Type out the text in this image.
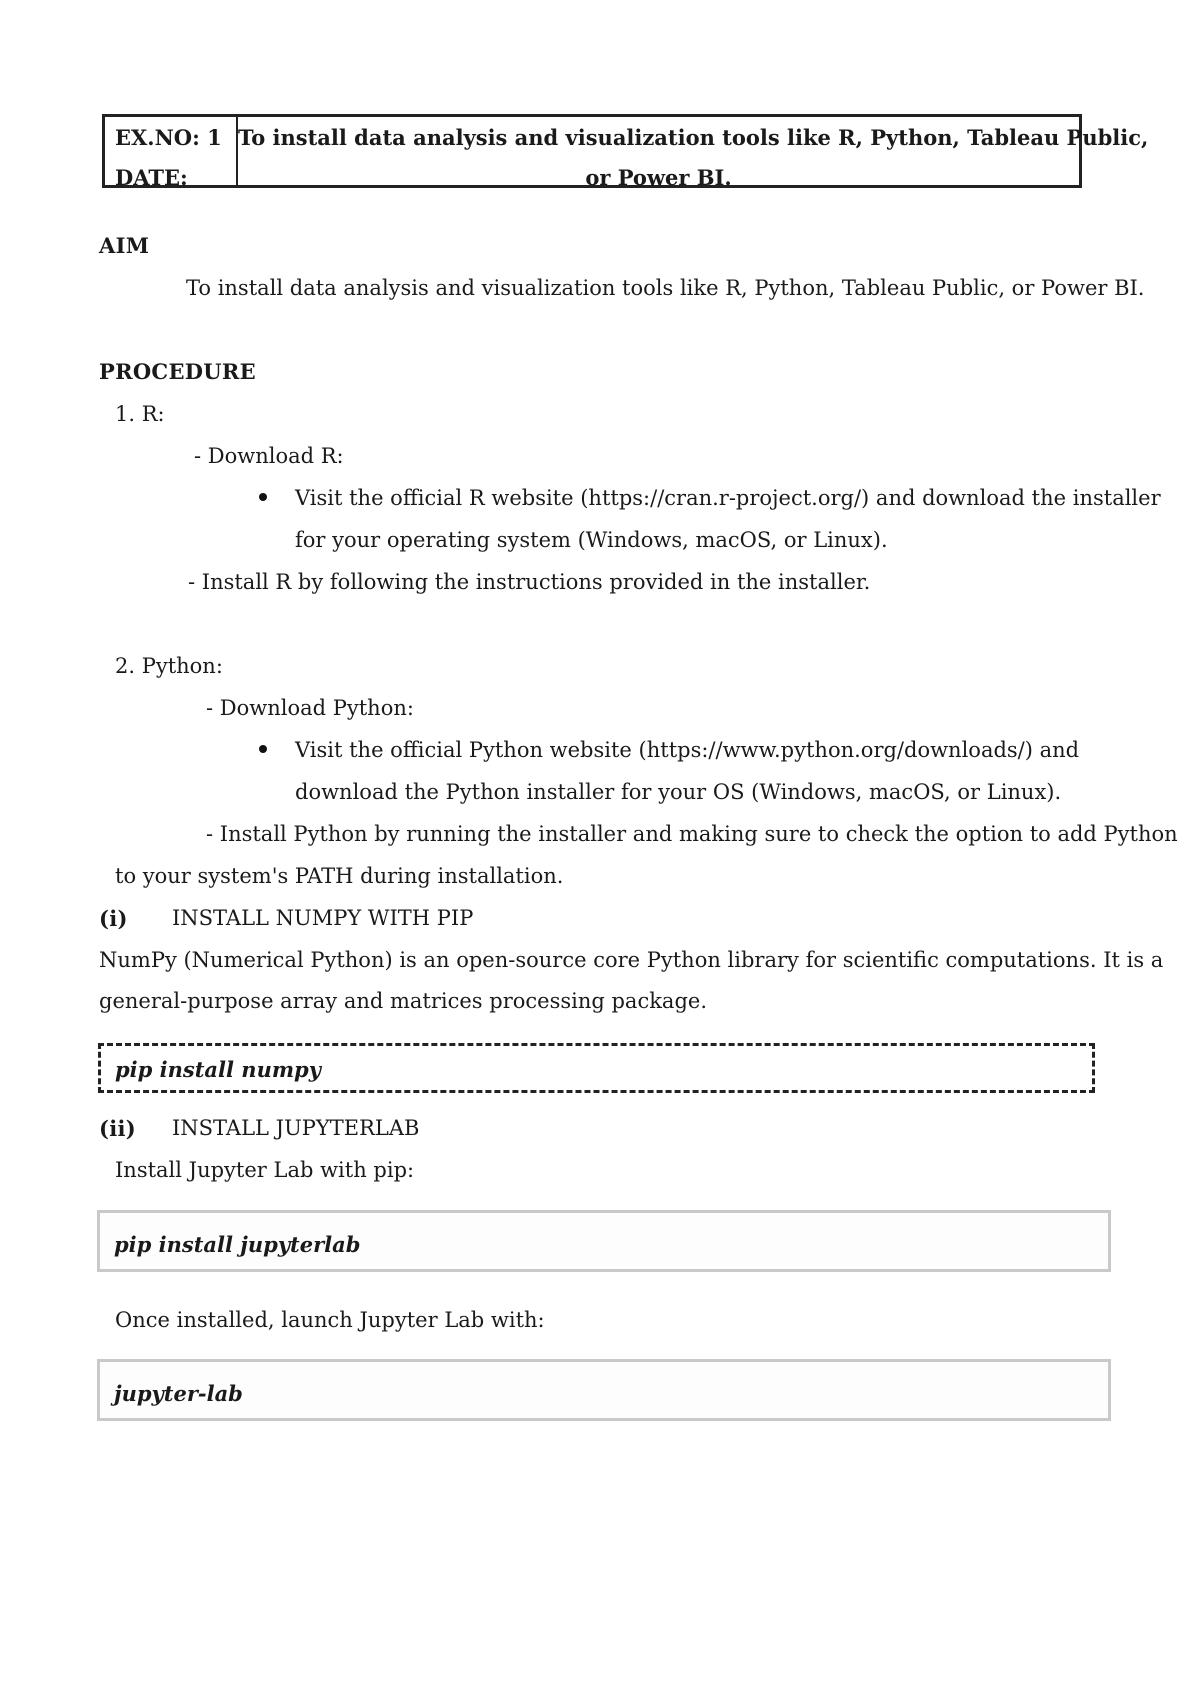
EX.NO: 1
DATE:
To install data analysis and visualization tools like R, Python, Tableau Public,
or Power BI.
AIM
To install data analysis and visualization tools like R, Python, Tableau Public, or Power BI.
PROCEDURE
1. R:
- Download R:
Visit the official R website (https://cran.r-project.org/) and download the installer
for your operating system (Windows, macOS, or Linux).
- Install R by following the instructions provided in the installer.
2. Python:
- Download Python:
Visit the official Python website (https://www.python.org/downloads/) and
download the Python installer for your OS (Windows, macOS, or Linux).
- Install Python by running the installer and making sure to check the option to add Python
to your system's PATH during installation.
(i) INSTALL NUMPY WITH PIP
NumPy (Numerical Python) is an open-source core Python library for scientific computations. It is a
general-purpose array and matrices processing package.
pip install numpy
(ii) INSTALL JUPYTERLAB
Install Jupyter Lab with pip:
pip install jupyterlab
Once installed, launch Jupyter Lab with:
jupyter-lab
